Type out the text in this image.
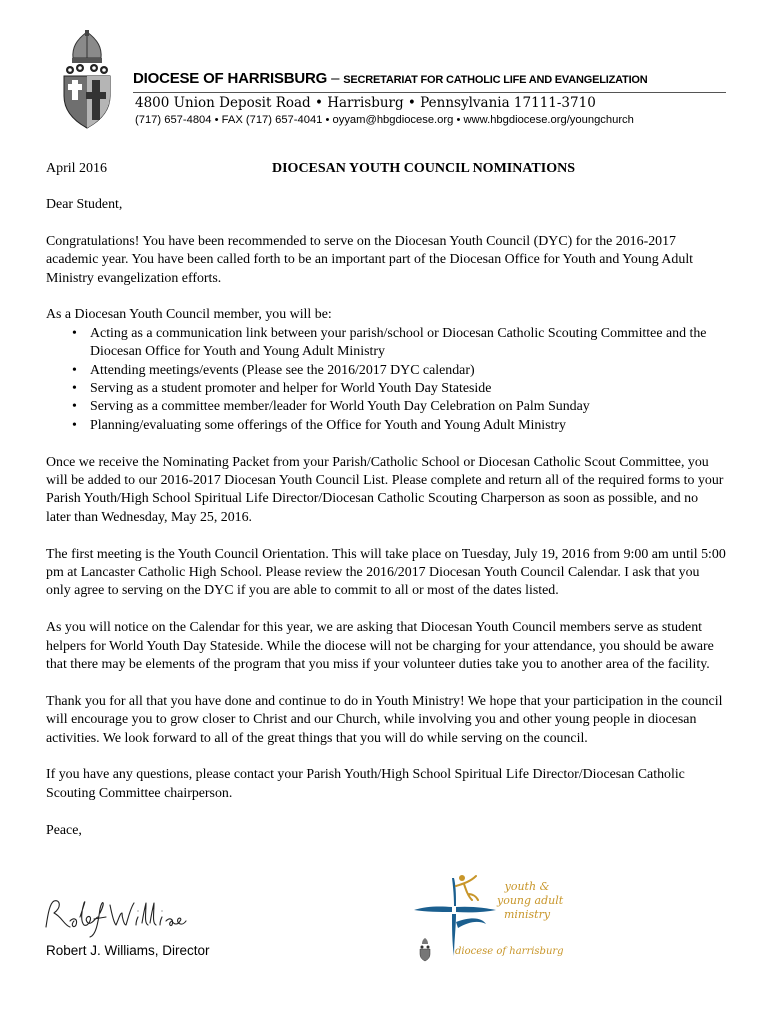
DIOCESE OF HARRISBURG – SECRETARIAT FOR CATHOLIC LIFE AND EVANGELIZATION
4800 Union Deposit Road • Harrisburg • Pennsylvania 17111-3710
(717) 657-4804 • FAX (717) 657-4041 • oyyam@hbgdiocese.org • www.hbgdiocese.org/youngchurch
April 2016	DIOCESAN YOUTH COUNCIL NOMINATIONS

Dear Student,

Congratulations! You have been recommended to serve on the Diocesan Youth Council (DYC) for the 2016-2017 academic year. You have been called forth to be an important part of the Diocesan Office for Youth and Young Adult Ministry evangelization efforts.

As a Diocesan Youth Council member, you will be:
• Acting as a communication link between your parish/school or Diocesan Catholic Scouting Committee and the Diocesan Office for Youth and Young Adult Ministry
• Attending meetings/events (Please see the 2016/2017 DYC calendar)
• Serving as a student promoter and helper for World Youth Day Stateside
• Serving as a committee member/leader for World Youth Day Celebration on Palm Sunday
• Planning/evaluating some offerings of the Office for Youth and Young Adult Ministry

Once we receive the Nominating Packet from your Parish/Catholic School or Diocesan Catholic Scout Committee, you will be added to our 2016-2017 Diocesan Youth Council List. Please complete and return all of the required forms to your Parish Youth/High School Spiritual Life Director/Diocesan Catholic Scouting Charperson as soon as possible, and no later than Wednesday, May 25, 2016.

The first meeting is the Youth Council Orientation. This will take place on Tuesday, July 19, 2016 from 9:00 am until 5:00 pm at Lancaster Catholic High School. Please review the 2016/2017 Diocesan Youth Council Calendar. I ask that you only agree to serving on the DYC if you are able to commit to all or most of the dates listed.

As you will notice on the Calendar for this year, we are asking that Diocesan Youth Council members serve as student helpers for World Youth Day Stateside. While the diocese will not be charging for your attendance, you should be aware that there may be elements of the program that you miss if your volunteer duties take you to another area of the facility.

Thank you for all that you have done and continue to do in Youth Ministry! We hope that your participation in the council will encourage you to grow closer to Christ and our Church, while involving you and other young people in diocesan activities. We look forward to all of the great things that you will do while serving on the council.

If you have any questions, please contact your Parish Youth/High School Spiritual Life Director/Diocesan Catholic Scouting Committee chairperson.

Peace,

Robert J. Williams, Director
youth &
young adult
ministry
diocese of harrisburg
